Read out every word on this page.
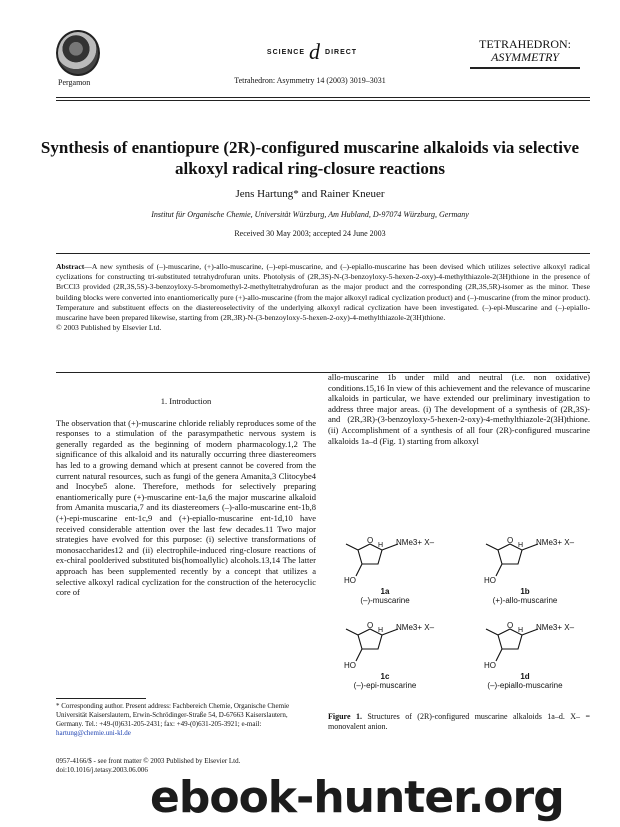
Pergamon
SCIENCE d DIRECT
Tetrahedron: Asymmetry 14 (2003) 3019–3031
TETRAHEDRON:
ASYMMETRY
Synthesis of enantiopure (2R)-configured muscarine alkaloids via selective alkoxyl radical ring-closure reactions
Jens Hartung* and Rainer Kneuer
Institut für Organische Chemie, Universität Würzburg, Am Hubland, D-97074 Würzburg, Germany
Received 30 May 2003; accepted 24 June 2003
Abstract—A new synthesis of (–)-muscarine, (+)-allo-muscarine, (–)-epi-muscarine, and (–)-epiallo-muscarine has been devised which utilizes selective alkoxyl radical cyclizations for constructing tri-substituted tetrahydrofuran units. Photolysis of (2R,3S)-N-(3-benzoyloxy-5-hexen-2-oxy)-4-methylthiazole-2(3H)thione in the presence of BrCCl3 provided (2R,3S,5S)-3-benzoyloxy-5-bromomethyl-2-methyltetrahydrofuran as the major product and the corresponding (2R,3S,5R)-isomer as the minor. These building blocks were converted into enantiomerically pure (+)-allo-muscarine (from the major alkoxyl radical cyclization product) and (–)-muscarine (from the minor product). Temperature and substituent effects on the diastereoselectivity of the underlying alkoxyl radical cyclization have been investigated. (–)-epi-Muscarine and (–)-epiallo-muscarine have been prepared likewise, starting from (2R,3R)-N-(3-benzoyloxy-5-hexen-2-oxy)-4-methylthiazole-2(3H)thione.
© 2003 Published by Elsevier Ltd.
1. Introduction

The observation that (+)-muscarine chloride reliably reproduces some of the responses to a stimulation of the parasympathetic nervous system is generally regarded as the beginning of modern pharmacology.1,2 The significance of this alkaloid and its naturally occurring three diastereomers has led to a growing demand which at present cannot be covered from the current natural resources, such as fungi of the genera Amanita,3 Clitocybe4 and Inocybe5 alone. Therefore, methods for selectively preparing enantiomerically pure (+)-muscarine ent-1a,6 the major muscarine alkaloid from Amanita muscaria,7 and its diastereomers (–)-allo-muscarine ent-1b,8 (+)-epi-muscarine ent-1c,9 and (+)-epiallo-muscarine ent-1d,10 have received considerable attention over the last few decades.11 Two major strategies have evolved for this purpose: (i) selective transformations of monosaccharides12 and (ii) electrophile-induced ring-closure reactions of ex-chiral poolderived substituted bis(homoallylic) alcohols.13,14 The latter approach has been supplemented recently by a concept that utilizes a selective alkoxyl radical cyclization for the construction of the heterocyclic core of

allo-muscarine 1b under mild and neutral (i.e. non oxidative) conditions.15,16 In view of this achievement and the relevance of muscarine alkaloids in particular, we have extended our preliminary investigation to address three major areas. (i) The development of a synthesis of (2R,3S)- and (2R,3R)-(3-benzoyloxy-5-hexen-2-oxy)-4-methylthiazole-2(3H)thione. (ii) Accomplishment of a synthesis of all four (2R)-configured muscarine alkaloids 1a–d (Fig. 1) starting from alkoxyl

O
H NMe3+ X–
HO
O
H NMe3+ X–
HO
O
H NMe3+ X–
HO
O
H NMe3+ X–
HO
1a
(–)-muscarine
1b
(+)-allo-muscarine
1c
(–)-epi-muscarine
1d
(–)-epiallo-muscarine
Figure 1. Structures of (2R)-configured muscarine alkaloids 1a–d. X– = monovalent anion.
* Corresponding author. Present address: Fachbereich Chemie, Organische Chemie Universität Kaiserslautern, Erwin-Schrödinger-Straße 54, D-67663 Kaiserslautern, Germany. Tel.: +49-(0)631-205-2431; fax: +49-(0)631-205-3921; e-mail: hartung@chemie.uni-kl.de
0957-4166/$ - see front matter © 2003 Published by Elsevier Ltd.
doi:10.1016/j.tetasy.2003.06.006
ebook-hunter.org
